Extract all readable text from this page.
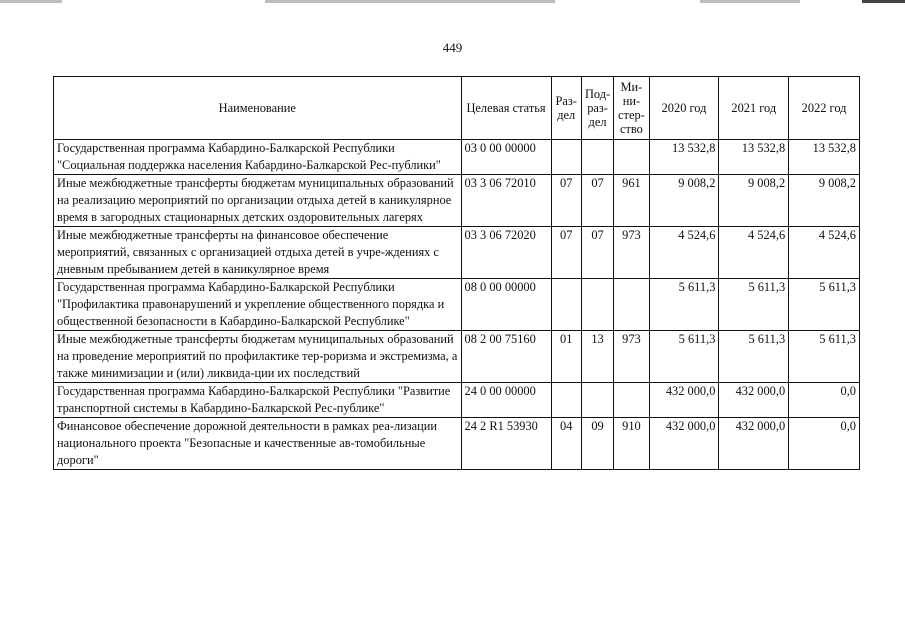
449
Наименование	Целевая статья	Раз-дел	Под-раз-дел	Ми-ни-стер-ство	2020 год	2021 год	2022 год
Государственная программа Кабардино-Балкарской Республики "Социальная поддержка населения Кабардино-Балкарской Рес-публики"	03 0 00 00000				13 532,8	13 532,8	13 532,8
Иные межбюджетные трансферты бюджетам муниципальных образований на реализацию мероприятий по организации отдыха детей в каникулярное время в загородных стационарных детских оздоровительных лагерях	03 3 06 72010	07	07	961	9 008,2	9 008,2	9 008,2
Иные межбюджетные трансферты на финансовое обеспечение мероприятий, связанных с организацией отдыха детей в учре-ждениях с дневным пребыванием детей в каникулярное время	03 3 06 72020	07	07	973	4 524,6	4 524,6	4 524,6
Государственная программа Кабардино-Балкарской Республики "Профилактика правонарушений и укрепление общественного порядка и общественной безопасности в Кабардино-Балкарской Республике"	08 0 00 00000				5 611,3	5 611,3	5 611,3
Иные межбюджетные трансферты бюджетам муниципальных образований на проведение мероприятий по профилактике тер-роризма и экстремизма, а также минимизации и (или) ликвида-ции их последствий	08 2 00 75160	01	13	973	5 611,3	5 611,3	5 611,3
Государственная программа Кабардино-Балкарской Республики "Развитие транспортной системы в Кабардино-Балкарской Рес-публике"	24 0 00 00000				432 000,0	432 000,0	0,0
Финансовое обеспечение дорожной деятельности в рамках реа-лизации национального проекта "Безопасные и качественные ав-томобильные дороги"	24 2 R1 53930	04	09	910	432 000,0	432 000,0	0,0
